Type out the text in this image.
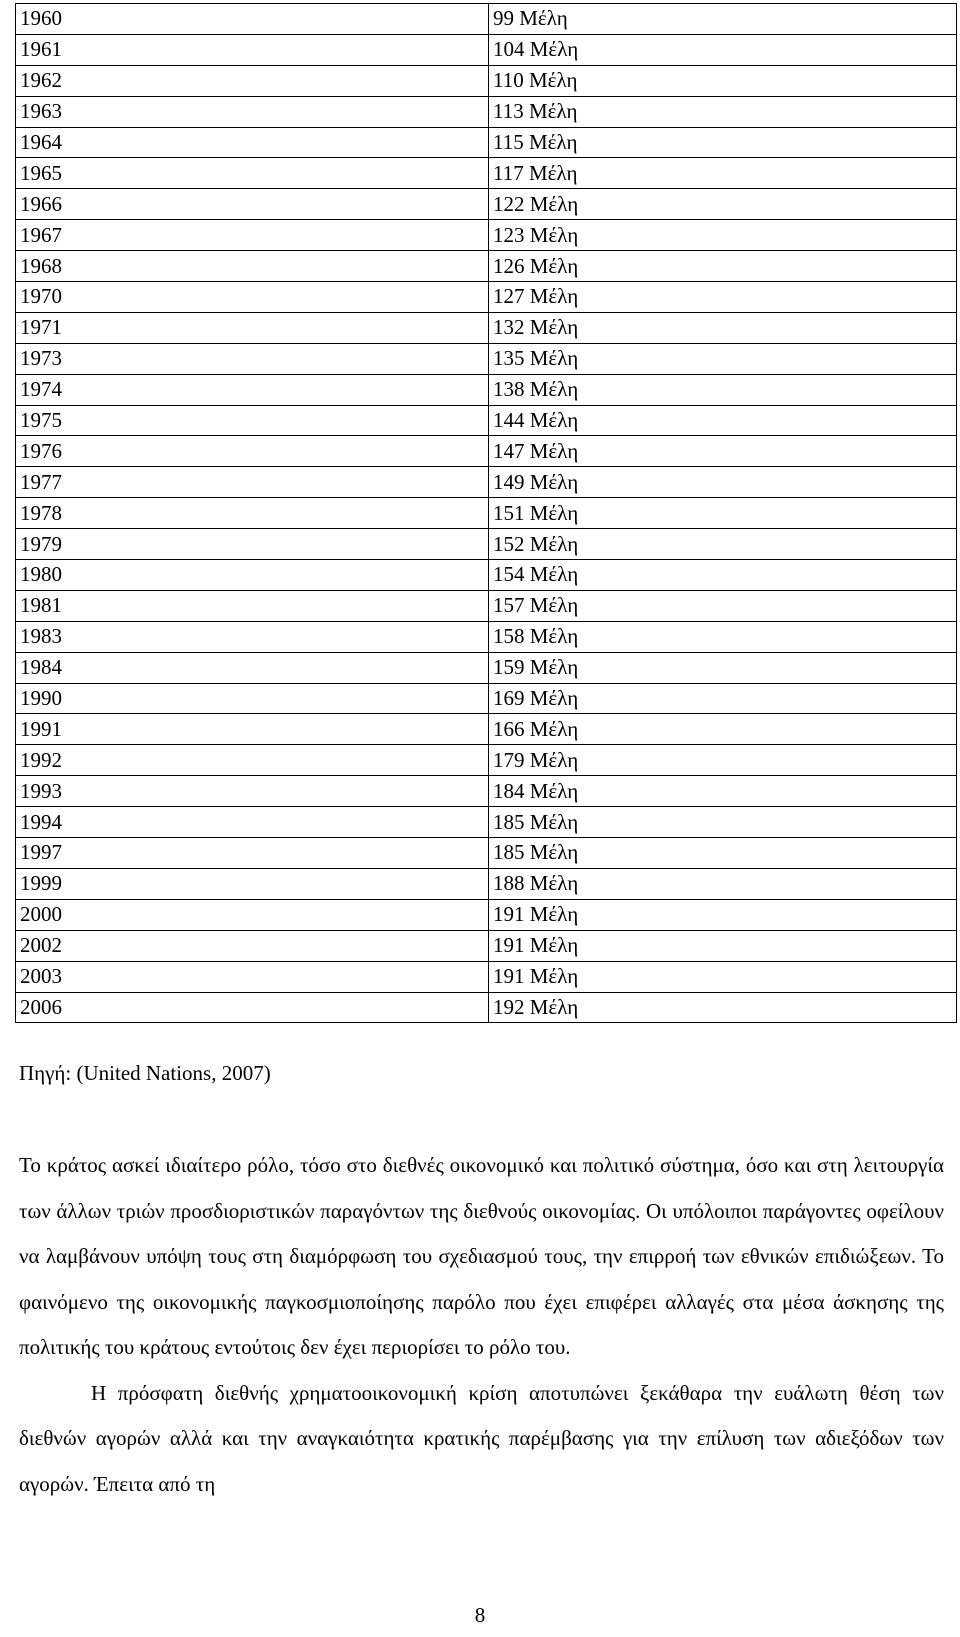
1960	99 Μέλη
1961	104 Μέλη
1962	110 Μέλη
1963	113 Μέλη
1964	115 Μέλη
1965	117 Μέλη
1966	122 Μέλη
1967	123 Μέλη
1968	126 Μέλη
1970	127 Μέλη
1971	132 Μέλη
1973	135 Μέλη
1974	138 Μέλη
1975	144 Μέλη
1976	147 Μέλη
1977	149 Μέλη
1978	151 Μέλη
1979	152 Μέλη
1980	154 Μέλη
1981	157 Μέλη
1983	158 Μέλη
1984	159 Μέλη
1990	169 Μέλη
1991	166 Μέλη
1992	179 Μέλη
1993	184 Μέλη
1994	185 Μέλη
1997	185 Μέλη
1999	188 Μέλη
2000	191 Μέλη
2002	191 Μέλη
2003	191 Μέλη
2006	192 Μέλη
Πηγή: (United Nations, 2007)

Το κράτος ασκεί ιδιαίτερο ρόλο, τόσο στο διεθνές οικονομικό και πολιτικό σύστημα, όσο και στη λειτουργία των άλλων τριών προσδιοριστικών παραγόντων της διεθνούς οικονομίας. Οι υπόλοιποι παράγοντες οφείλουν να λαμβάνουν υπόψη τους στη διαμόρφωση του σχεδιασμού τους, την επιρροή των εθνικών επιδιώξεων. Το φαινόμενο της οικονομικής παγκοσμιοποίησης παρόλο που έχει επιφέρει αλλαγές στα μέσα άσκησης της πολιτικής του κράτους εντούτοις δεν έχει περιορίσει το ρόλο του.

Η πρόσφατη διεθνής χρηματοοικονομική κρίση αποτυπώνει ξεκάθαρα την ευάλωτη θέση των διεθνών αγορών αλλά και την αναγκαιότητα κρατικής παρέμβασης για την επίλυση των αδιεξόδων των αγορών. Έπειτα από τη

8
